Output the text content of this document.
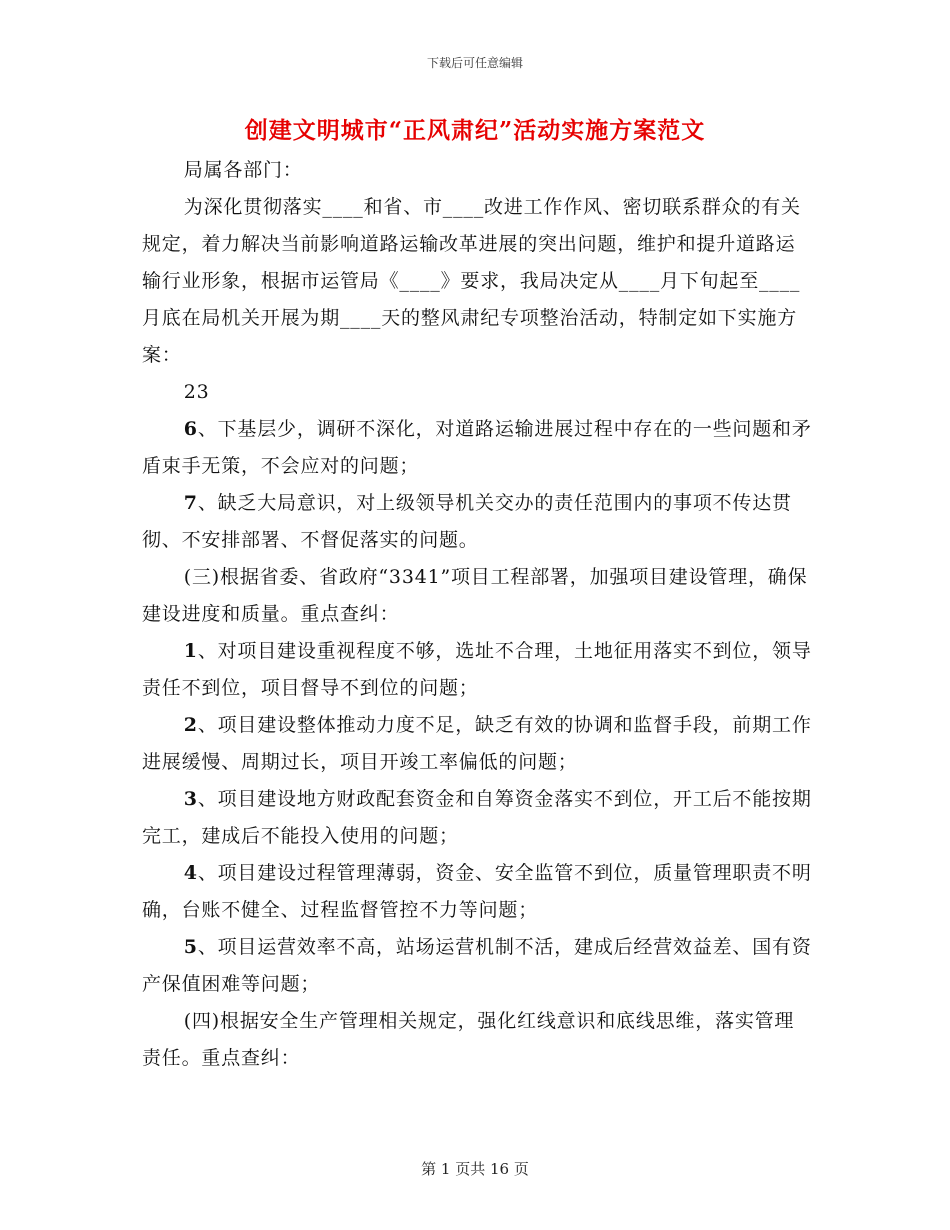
下载后可任意编辑
创建文明城市“正风肃纪”活动实施方案范文

局属各部门：

为深化贯彻落实____和省、市____改进工作作风、密切联系群众的有关规定，着力解决当前影响道路运输改革进展的突出问题，维护和提升道路运输行业形象，根据市运管局《____》要求，我局决定从____月下旬起至____月底在局机关开展为期____天的整风肃纪专项整治活动，特制定如下实施方案：

23

6、下基层少，调研不深化，对道路运输进展过程中存在的一些问题和矛盾束手无策，不会应对的问题；

7、缺乏大局意识，对上级领导机关交办的责任范围内的事项不传达贯彻、不安排部署、不督促落实的问题。

(三)根据省委、省政府“3341”项目工程部署，加强项目建设管理，确保建设进度和质量。重点查纠：

1、对项目建设重视程度不够，选址不合理，土地征用落实不到位，领导责任不到位，项目督导不到位的问题；

2、项目建设整体推动力度不足，缺乏有效的协调和监督手段，前期工作进展缓慢、周期过长，项目开竣工率偏低的问题；

3、项目建设地方财政配套资金和自筹资金落实不到位，开工后不能按期完工，建成后不能投入使用的问题；

4、项目建设过程管理薄弱，资金、安全监管不到位，质量管理职责不明确，台账不健全、过程监督管控不力等问题；

5、项目运营效率不高，站场运营机制不活，建成后经营效益差、国有资产保值困难等问题；

(四)根据安全生产管理相关规定，强化红线意识和底线思维，落实管理责任。重点查纠：

第 1 页共 16 页
